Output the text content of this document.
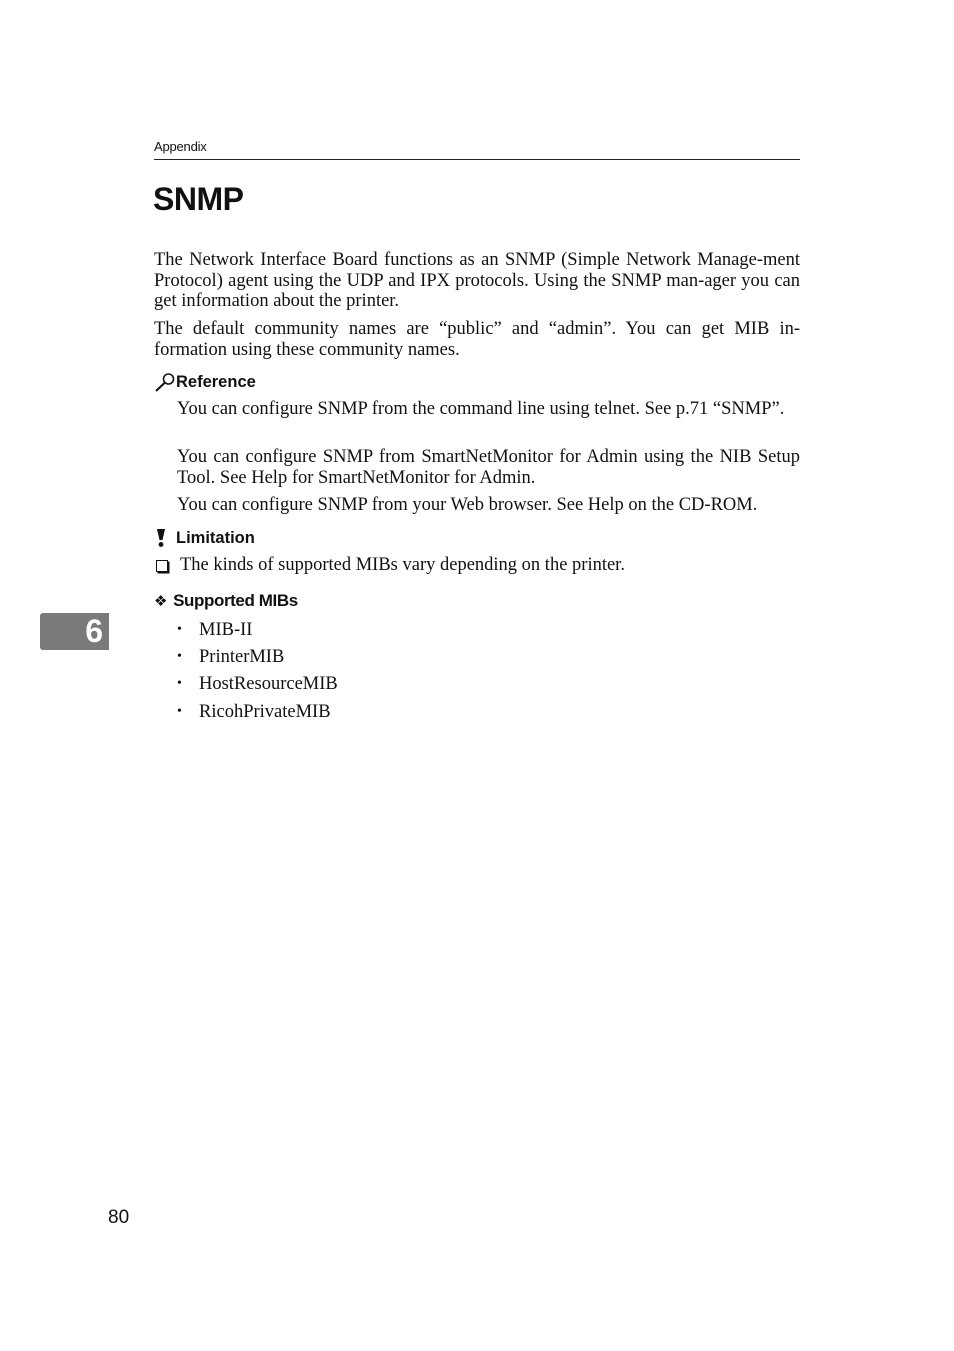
Appendix
SNMP

The Network Interface Board functions as an SNMP (Simple Network Manage-ment Protocol) agent using the UDP and IPX protocols. Using the SNMP man-ager you can get information about the printer.

The default community names are “public” and “admin”. You can get MIB in-formation using these community names.

Reference

You can configure SNMP from the command line using telnet. See p.71 “SNMP”.

You can configure SNMP from SmartNetMonitor for Admin using the NIB Setup Tool. See Help for SmartNetMonitor for Admin.

You can configure SNMP from your Web browser. See Help on the CD-ROM.

Limitation
The kinds of supported MIBs vary depending on the printer.
❖ Supported MIBs
• MIB-II
• PrinterMIB
• HostResourceMIB
• RicohPrivateMIB
6
80
